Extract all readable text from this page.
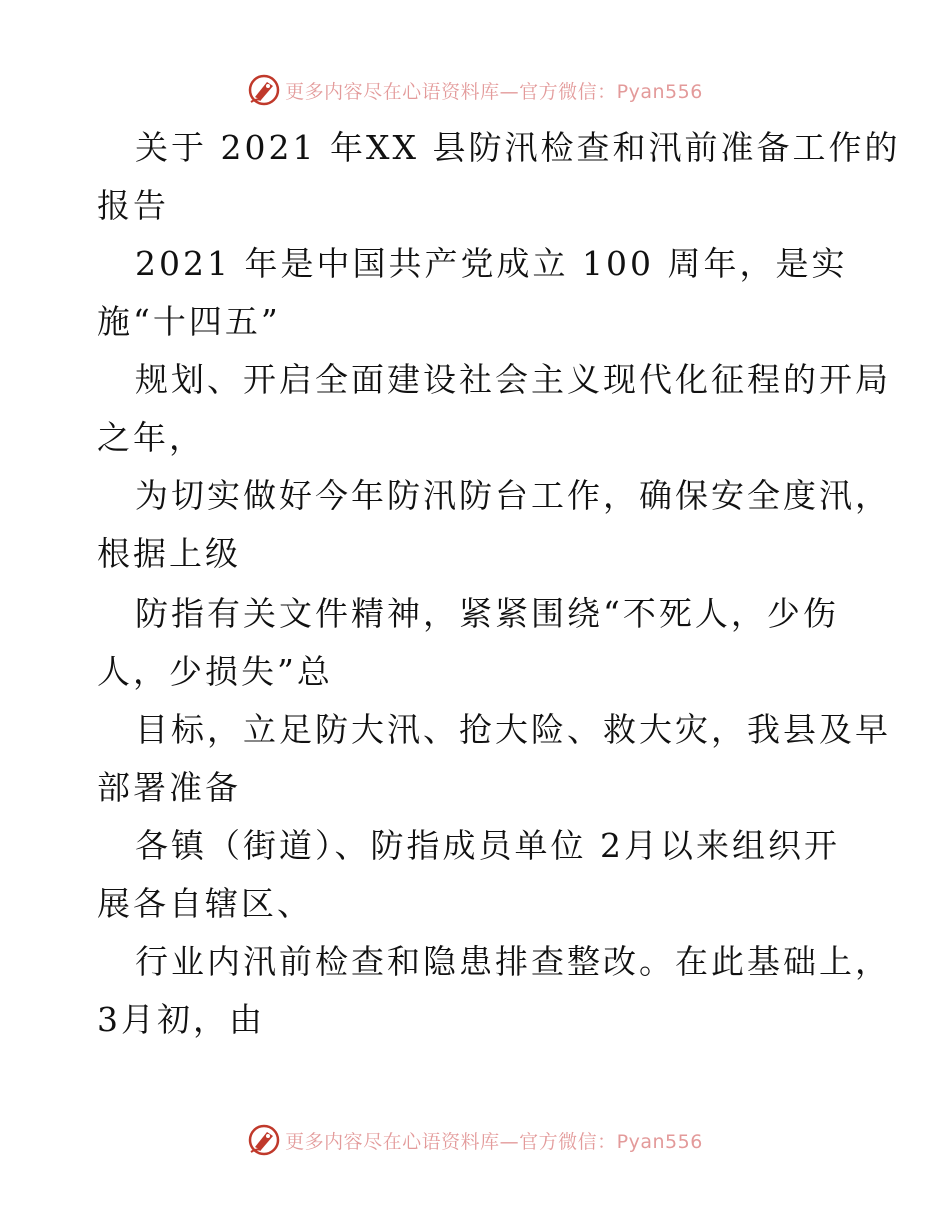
更多内容尽在心语资料库—官方微信：Pyan556
关于 2021 年XX 县防汛检查和汛前准备工作的
报告
2021 年是中国共产党成立 100 周年，是实
施“十四五”
规划、开启全面建设社会主义现代化征程的开局
之年，
为切实做好今年防汛防台工作，确保安全度汛，
根据上级
防指有关文件精神，紧紧围绕“不死人，少伤
人，少损失”总
目标，立足防大汛、抢大险、救大灾，我县及早
部署准备
各镇（街道）、防指成员单位 2月以来组织开
展各自辖区、
行业内汛前检查和隐患排查整改。在此基础上，
3月初，由
更多内容尽在心语资料库—官方微信：Pyan556
